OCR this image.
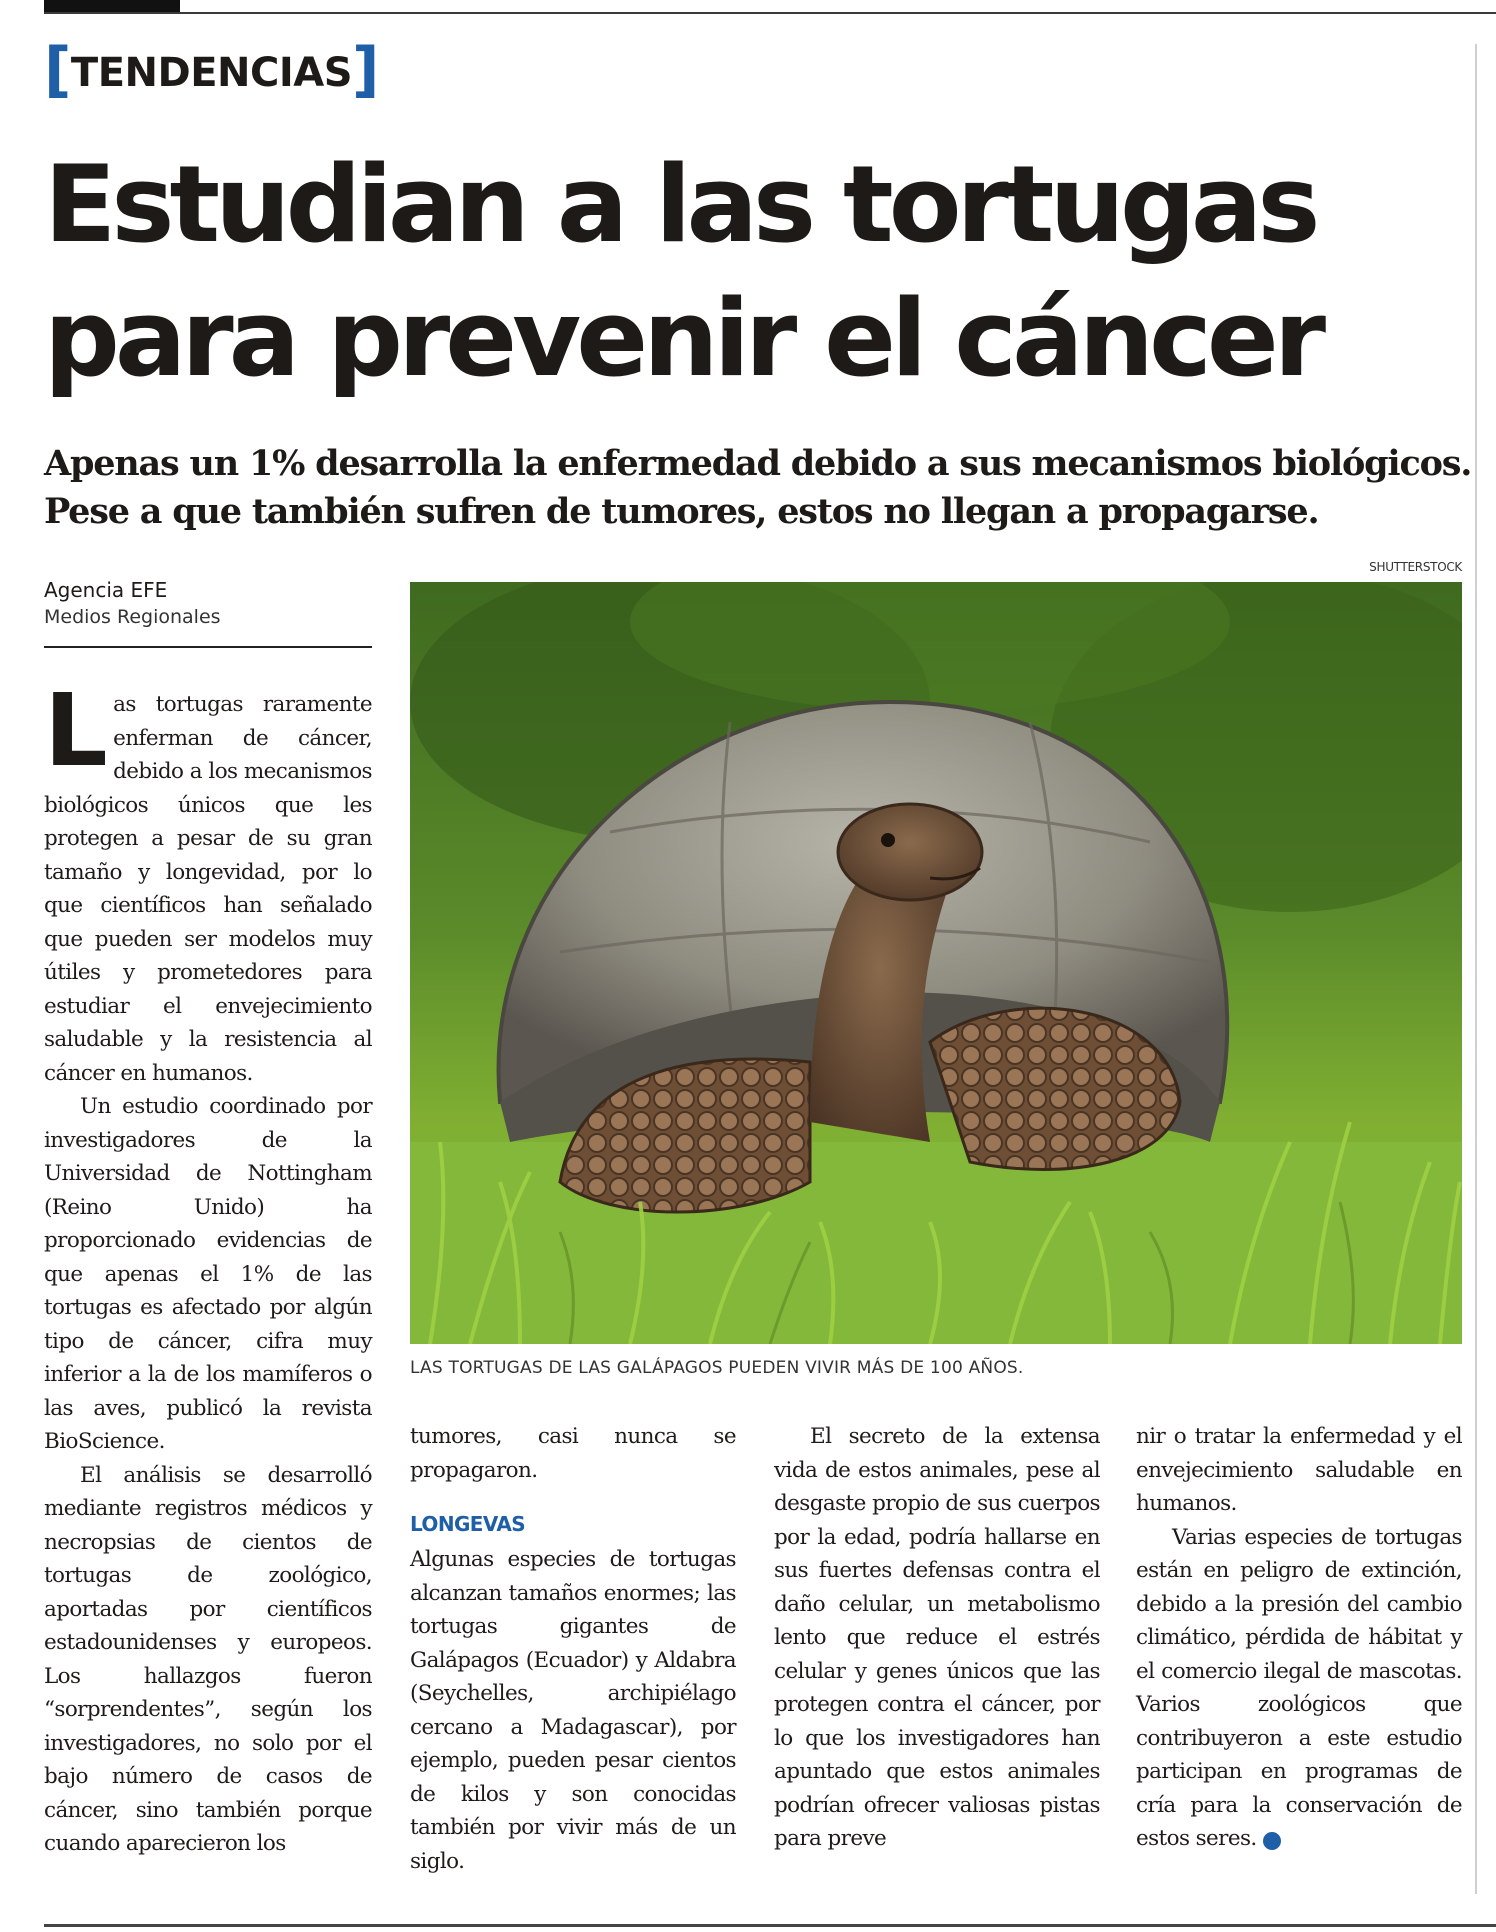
[TENDENCIAS]
Estudian a las tortugas
para prevenir el cáncer
Apenas un 1% desarrolla la enfermedad debido a sus mecanismos biológicos.
Pese a que también sufren de tumores, estos no llegan a propagarse.
SHUTTERSTOCK
Agencia EFE
Medios Regionales
LAS TORTUGAS DE LAS GALÁPAGOS PUEDEN VIVIR MÁS DE 100 AÑOS.

Las tortugas raramente enferman de cáncer, debido a los mecanismos biológicos únicos que les protegen a pesar de su gran tamaño y longevidad, por lo que científicos han señalado que pueden ser modelos muy útiles y prometedores para estudiar el envejecimiento saludable y la resistencia al cáncer en humanos.

Un estudio coordinado por investigadores de la Universidad de Nottingham (Reino Unido) ha proporcionado evidencias de que apenas el 1% de las tortugas es afectado por algún tipo de cáncer, cifra muy inferior a la de los mamíferos o las aves, publicó la revista BioScience.

El análisis se desarrolló mediante registros médicos y necropsias de cientos de tortugas de zoológico, aportadas por científicos estadounidenses y europeos. Los hallazgos fueron “sorprendentes”, según los investigadores, no solo por el bajo número de casos de cáncer, sino también porque cuando aparecieron los

tumores, casi nunca se propagaron.

LONGEVAS

Algunas especies de tortugas alcanzan tamaños enormes; las tortugas gigantes de Galápagos (Ecuador) y Aldabra (Seychelles, archipiélago cercano a Madagascar), por ejemplo, pueden pesar cientos de kilos y son conocidas también por vivir más de un siglo.

El secreto de la extensa vida de estos animales, pese al desgaste propio de sus cuerpos por la edad, podría hallarse en sus fuertes defensas contra el daño celular, un metabolismo lento que reduce el estrés celular y genes únicos que las protegen contra el cáncer, por lo que los investigadores han apuntado que estos animales podrían ofrecer valiosas pistas para preve

nir o tratar la enfermedad y el envejecimiento saludable en humanos.

Varias especies de tortugas están en peligro de extinción, debido a la presión del cambio climático, pérdida de hábitat y el comercio ilegal de mascotas. Varios zoológicos que contribuyeron a este estudio participan en programas de cría para la conservación de estos seres.	✪
